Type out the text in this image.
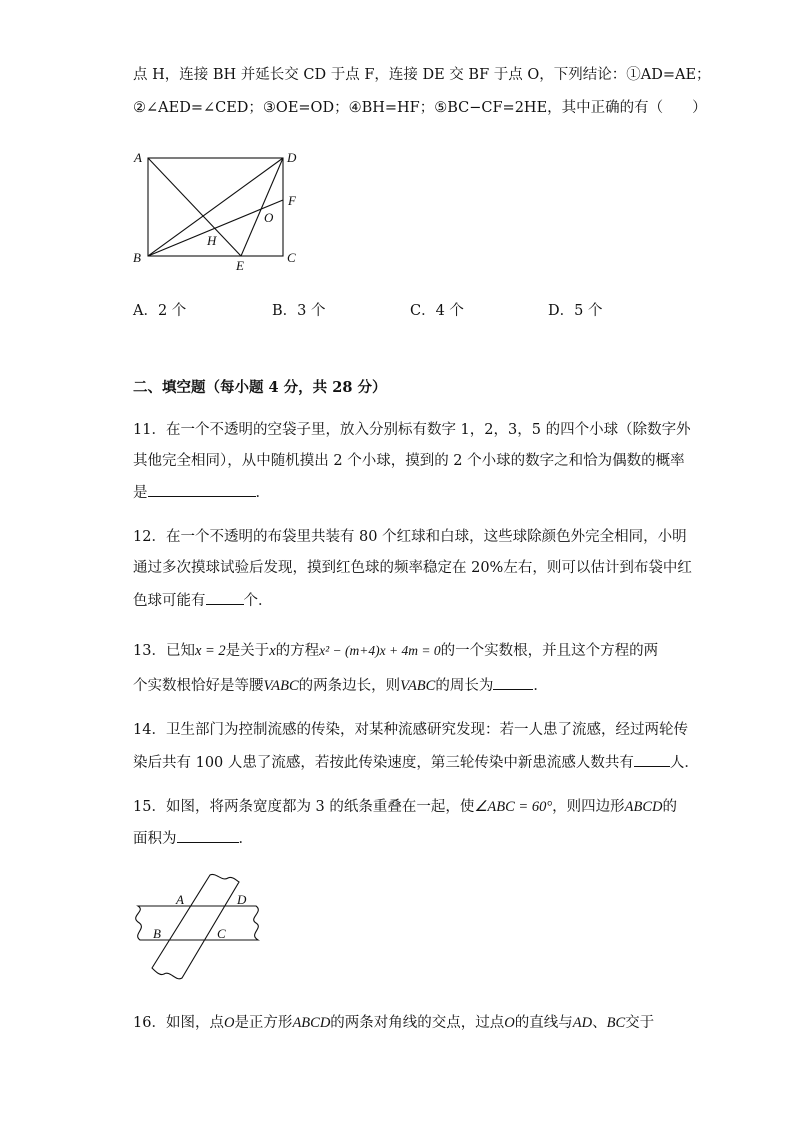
点 H，连接 BH 并延长交 CD 于点 F，连接 DE 交 BF 于点 O，下列结论：①AD=AE；
②∠AED=∠CED；③OE=OD；④BH=HF；⑤BC−CF=2HE，其中正确的有（　　）
A	D
F
O
H
B
E
C
A．2 个	B．3 个	C．4 个	D．5 个
二、填空题（每小题 4 分，共 28 分）
11．在一个不透明的空袋子里，放入分别标有数字 1，2，3，5 的四个小球（除数字外
其他完全相同），从中随机摸出 2 个小球，摸到的 2 个小球的数字之和恰为偶数的概率
是	．
12．在一个不透明的布袋里共装有 80 个红球和白球，这些球除颜色外完全相同，小明
通过多次摸球试验后发现，摸到红色球的频率稳定在 20%左右，则可以估计到布袋中红
色球可能有	个．
13．已知x = 2是关于x的方程x² − (m+4)x + 4m = 0的一个实数根，并且这个方程的两
个实数根恰好是等腰VABC的两条边长，则VABC的周长为	．
14．卫生部门为控制流感的传染，对某种流感研究发现：若一人患了流感，经过两轮传
染后共有 100 人患了流感，若按此传染速度，第三轮传染中新患流感人数共有 人．
15．如图，将两条宽度都为 3 的纸条重叠在一起，使∠ABC = 60°，则四边形ABCD的
面积为	．
A	D
B	C
16．如图，点O是正方形ABCD的两条对角线的交点，过点O的直线与AD、BC交于
